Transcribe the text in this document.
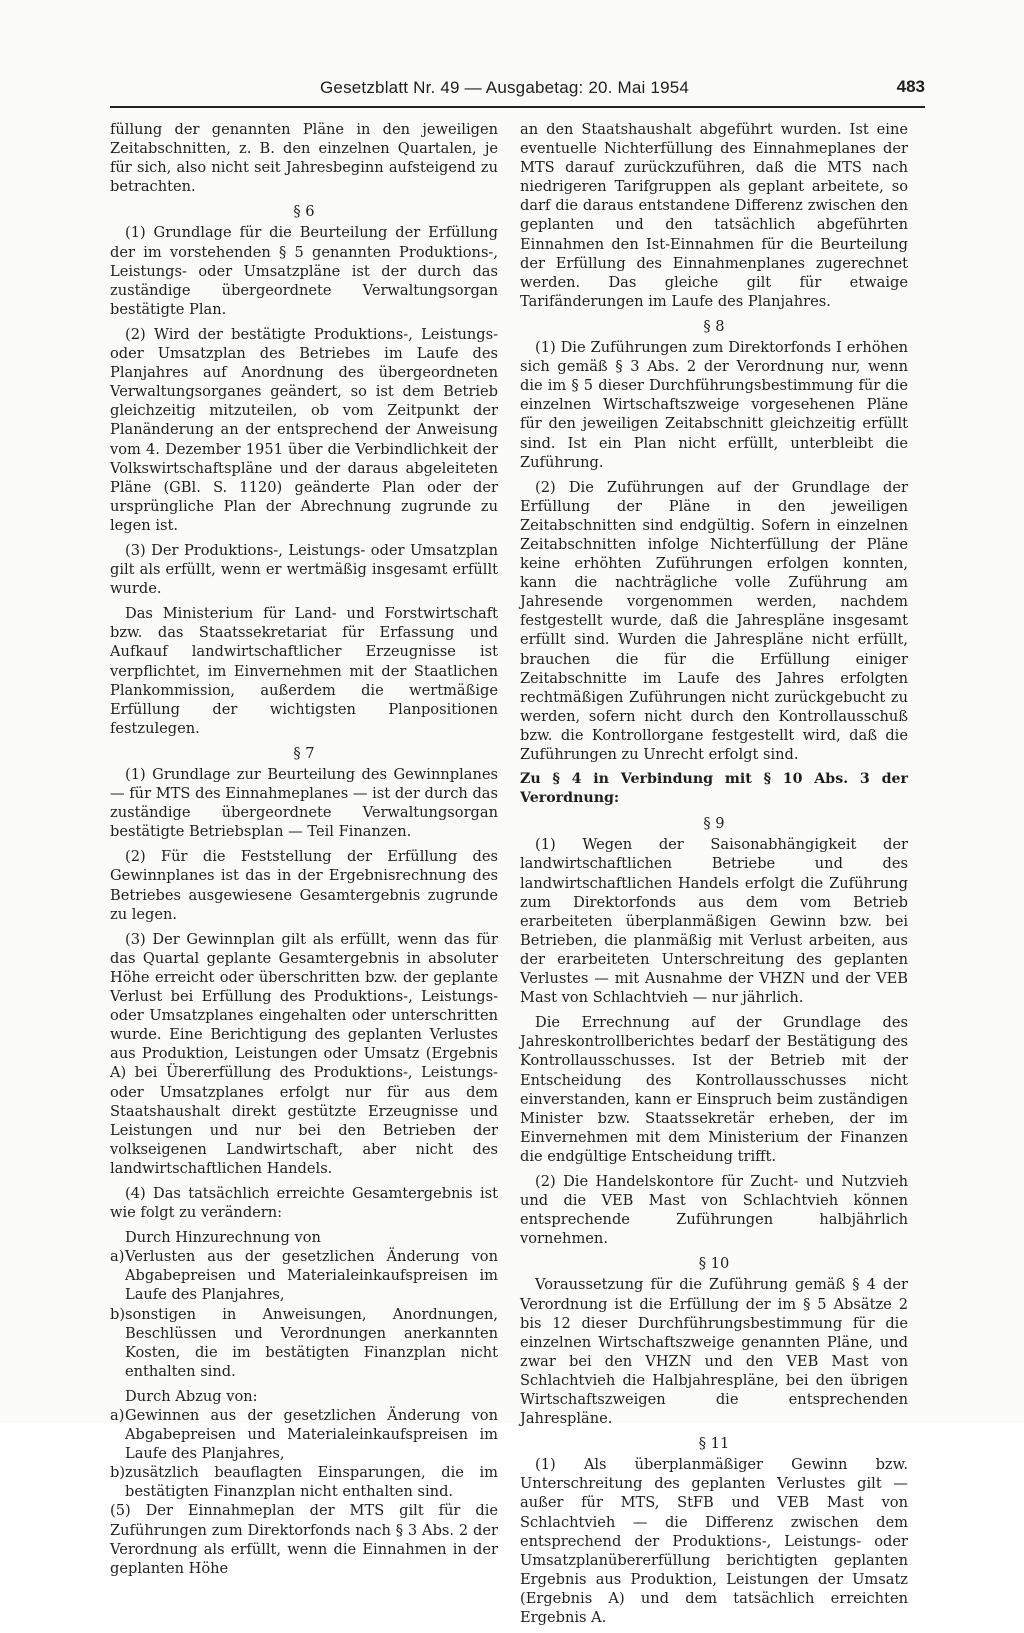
Gesetzblatt Nr. 49 — Ausgabetag: 20. Mai 1954	483

füllung der genannten Pläne in den jeweiligen Zeitabschnitten, z. B. den einzelnen Quartalen, je für sich, also nicht seit Jahresbeginn aufsteigend zu betrachten.

§ 6

(1) Grundlage für die Beurteilung der Erfüllung der im vorstehenden § 5 genannten Produktions-, Leistungs- oder Umsatzpläne ist der durch das zuständige übergeordnete Verwaltungsorgan bestätigte Plan.

(2) Wird der bestätigte Produktions-, Leistungs- oder Umsatzplan des Betriebes im Laufe des Planjahres auf Anordnung des übergeordneten Verwaltungsorganes geändert, so ist dem Betrieb gleichzeitig mitzuteilen, ob vom Zeitpunkt der Planänderung an der entsprechend der Anweisung vom 4. Dezember 1951 über die Verbindlichkeit der Volkswirtschaftspläne und der daraus abgeleiteten Pläne (GBl. S. 1120) geänderte Plan oder der ursprüngliche Plan der Abrechnung zugrunde zu legen ist.

(3) Der Produktions-, Leistungs- oder Umsatzplan gilt als erfüllt, wenn er wertmäßig insgesamt erfüllt wurde.

Das Ministerium für Land- und Forstwirtschaft bzw. das Staatssekretariat für Erfassung und Aufkauf landwirtschaftlicher Erzeugnisse ist verpflichtet, im Einvernehmen mit der Staatlichen Plankommission, außerdem die wertmäßige Erfüllung der wichtigsten Planpositionen festzulegen.

§ 7

(1) Grundlage zur Beurteilung des Gewinnplanes — für MTS des Einnahmeplanes — ist der durch das zuständige übergeordnete Verwaltungsorgan bestätigte Betriebsplan — Teil Finanzen.

(2) Für die Feststellung der Erfüllung des Gewinnplanes ist das in der Ergebnisrechnung des Betriebes ausgewiesene Gesamtergebnis zugrunde zu legen.

(3) Der Gewinnplan gilt als erfüllt, wenn das für das Quartal geplante Gesamtergebnis in absoluter Höhe erreicht oder überschritten bzw. der geplante Verlust bei Erfüllung des Produktions-, Leistungs- oder Umsatzplanes eingehalten oder unterschritten wurde. Eine Berichtigung des geplanten Verlustes aus Produktion, Leistungen oder Umsatz (Ergebnis A) bei Übererfüllung des Produktions-, Leistungs- oder Umsatzplanes erfolgt nur für aus dem Staatshaushalt direkt gestützte Erzeugnisse und Leistungen und nur bei den Betrieben der volkseigenen Landwirtschaft, aber nicht des landwirtschaftlichen Handels.

(4) Das tatsächlich erreichte Gesamtergebnis ist wie folgt zu verändern:

Durch Hinzurechnung von
a) Verlusten aus der gesetzlichen Änderung von Abgabepreisen und Materialeinkaufspreisen im Laufe des Planjahres,
b) sonstigen in Anweisungen, Anordnungen, Beschlüssen und Verordnungen anerkannten Kosten, die im bestätigten Finanzplan nicht enthalten sind.
Durch Abzug von:
a) Gewinnen aus der gesetzlichen Änderung von Abgabepreisen und Materialeinkaufspreisen im Laufe des Planjahres,
b) zusätzlich beauflagten Einsparungen, die im bestätigten Finanzplan nicht enthalten sind.

(5) Der Einnahmeplan der MTS gilt für die Zuführungen zum Direktorfonds nach § 3 Abs. 2 der Verordnung als erfüllt, wenn die Einnahmen in der geplanten Höhe

an den Staatshaushalt abgeführt wurden. Ist eine eventuelle Nichterfüllung des Einnahmeplanes der MTS darauf zurückzuführen, daß die MTS nach niedrigeren Tarifgruppen als geplant arbeitete, so darf die daraus entstandene Differenz zwischen den geplanten und den tatsächlich abgeführten Einnahmen den Ist-Einnahmen für die Beurteilung der Erfüllung des Einnahmenplanes zugerechnet werden. Das gleiche gilt für etwaige Tarifänderungen im Laufe des Planjahres.

§ 8

(1) Die Zuführungen zum Direktorfonds I erhöhen sich gemäß § 3 Abs. 2 der Verordnung nur, wenn die im § 5 dieser Durchführungsbestimmung für die einzelnen Wirtschaftszweige vorgesehenen Pläne für den jeweiligen Zeitabschnitt gleichzeitig erfüllt sind. Ist ein Plan nicht erfüllt, unterbleibt die Zuführung.

(2) Die Zuführungen auf der Grundlage der Erfüllung der Pläne in den jeweiligen Zeitabschnitten sind endgültig. Sofern in einzelnen Zeitabschnitten infolge Nichterfüllung der Pläne keine erhöhten Zuführungen erfolgen konnten, kann die nachträgliche volle Zuführung am Jahresende vorgenommen werden, nachdem festgestellt wurde, daß die Jahrespläne insgesamt erfüllt sind. Wurden die Jahrespläne nicht erfüllt, brauchen die für die Erfüllung einiger Zeitabschnitte im Laufe des Jahres erfolgten rechtmäßigen Zuführungen nicht zurückgebucht zu werden, sofern nicht durch den Kontrollausschuß bzw. die Kontrollorgane festgestellt wird, daß die Zuführungen zu Unrecht erfolgt sind.

Zu § 4 in Verbindung mit § 10 Abs. 3 der Verordnung:
§ 9

(1) Wegen der Saisonabhängigkeit der landwirtschaftlichen Betriebe und des landwirtschaftlichen Handels erfolgt die Zuführung zum Direktorfonds aus dem vom Betrieb erarbeiteten überplanmäßigen Gewinn bzw. bei Betrieben, die planmäßig mit Verlust arbeiten, aus der erarbeiteten Unterschreitung des geplanten Verlustes — mit Ausnahme der VHZN und der VEB Mast von Schlachtvieh — nur jährlich.

Die Errechnung auf der Grundlage des Jahreskontrollberichtes bedarf der Bestätigung des Kontrollausschusses. Ist der Betrieb mit der Entscheidung des Kontrollausschusses nicht einverstanden, kann er Einspruch beim zuständigen Minister bzw. Staatssekretär erheben, der im Einvernehmen mit dem Ministerium der Finanzen die endgültige Entscheidung trifft.

(2) Die Handelskontore für Zucht- und Nutzvieh und die VEB Mast von Schlachtvieh können entsprechende Zuführungen halbjährlich vornehmen.

§ 10

Voraussetzung für die Zuführung gemäß § 4 der Verordnung ist die Erfüllung der im § 5 Absätze 2 bis 12 dieser Durchführungsbestimmung für die einzelnen Wirtschaftszweige genannten Pläne, und zwar bei den VHZN und den VEB Mast von Schlachtvieh die Halbjahrespläne, bei den übrigen Wirtschaftszweigen die entsprechenden Jahrespläne.

§ 11

(1) Als überplanmäßiger Gewinn bzw. Unterschreitung des geplanten Verlustes gilt — außer für MTS, StFB und VEB Mast von Schlachtvieh — die Differenz zwischen dem entsprechend der Produktions-, Leistungs- oder Umsatzplanübererfüllung berichtigten geplanten Ergebnis aus Produktion, Leistungen der Umsatz (Ergebnis A) und dem tatsächlich erreichten Ergebnis A.
